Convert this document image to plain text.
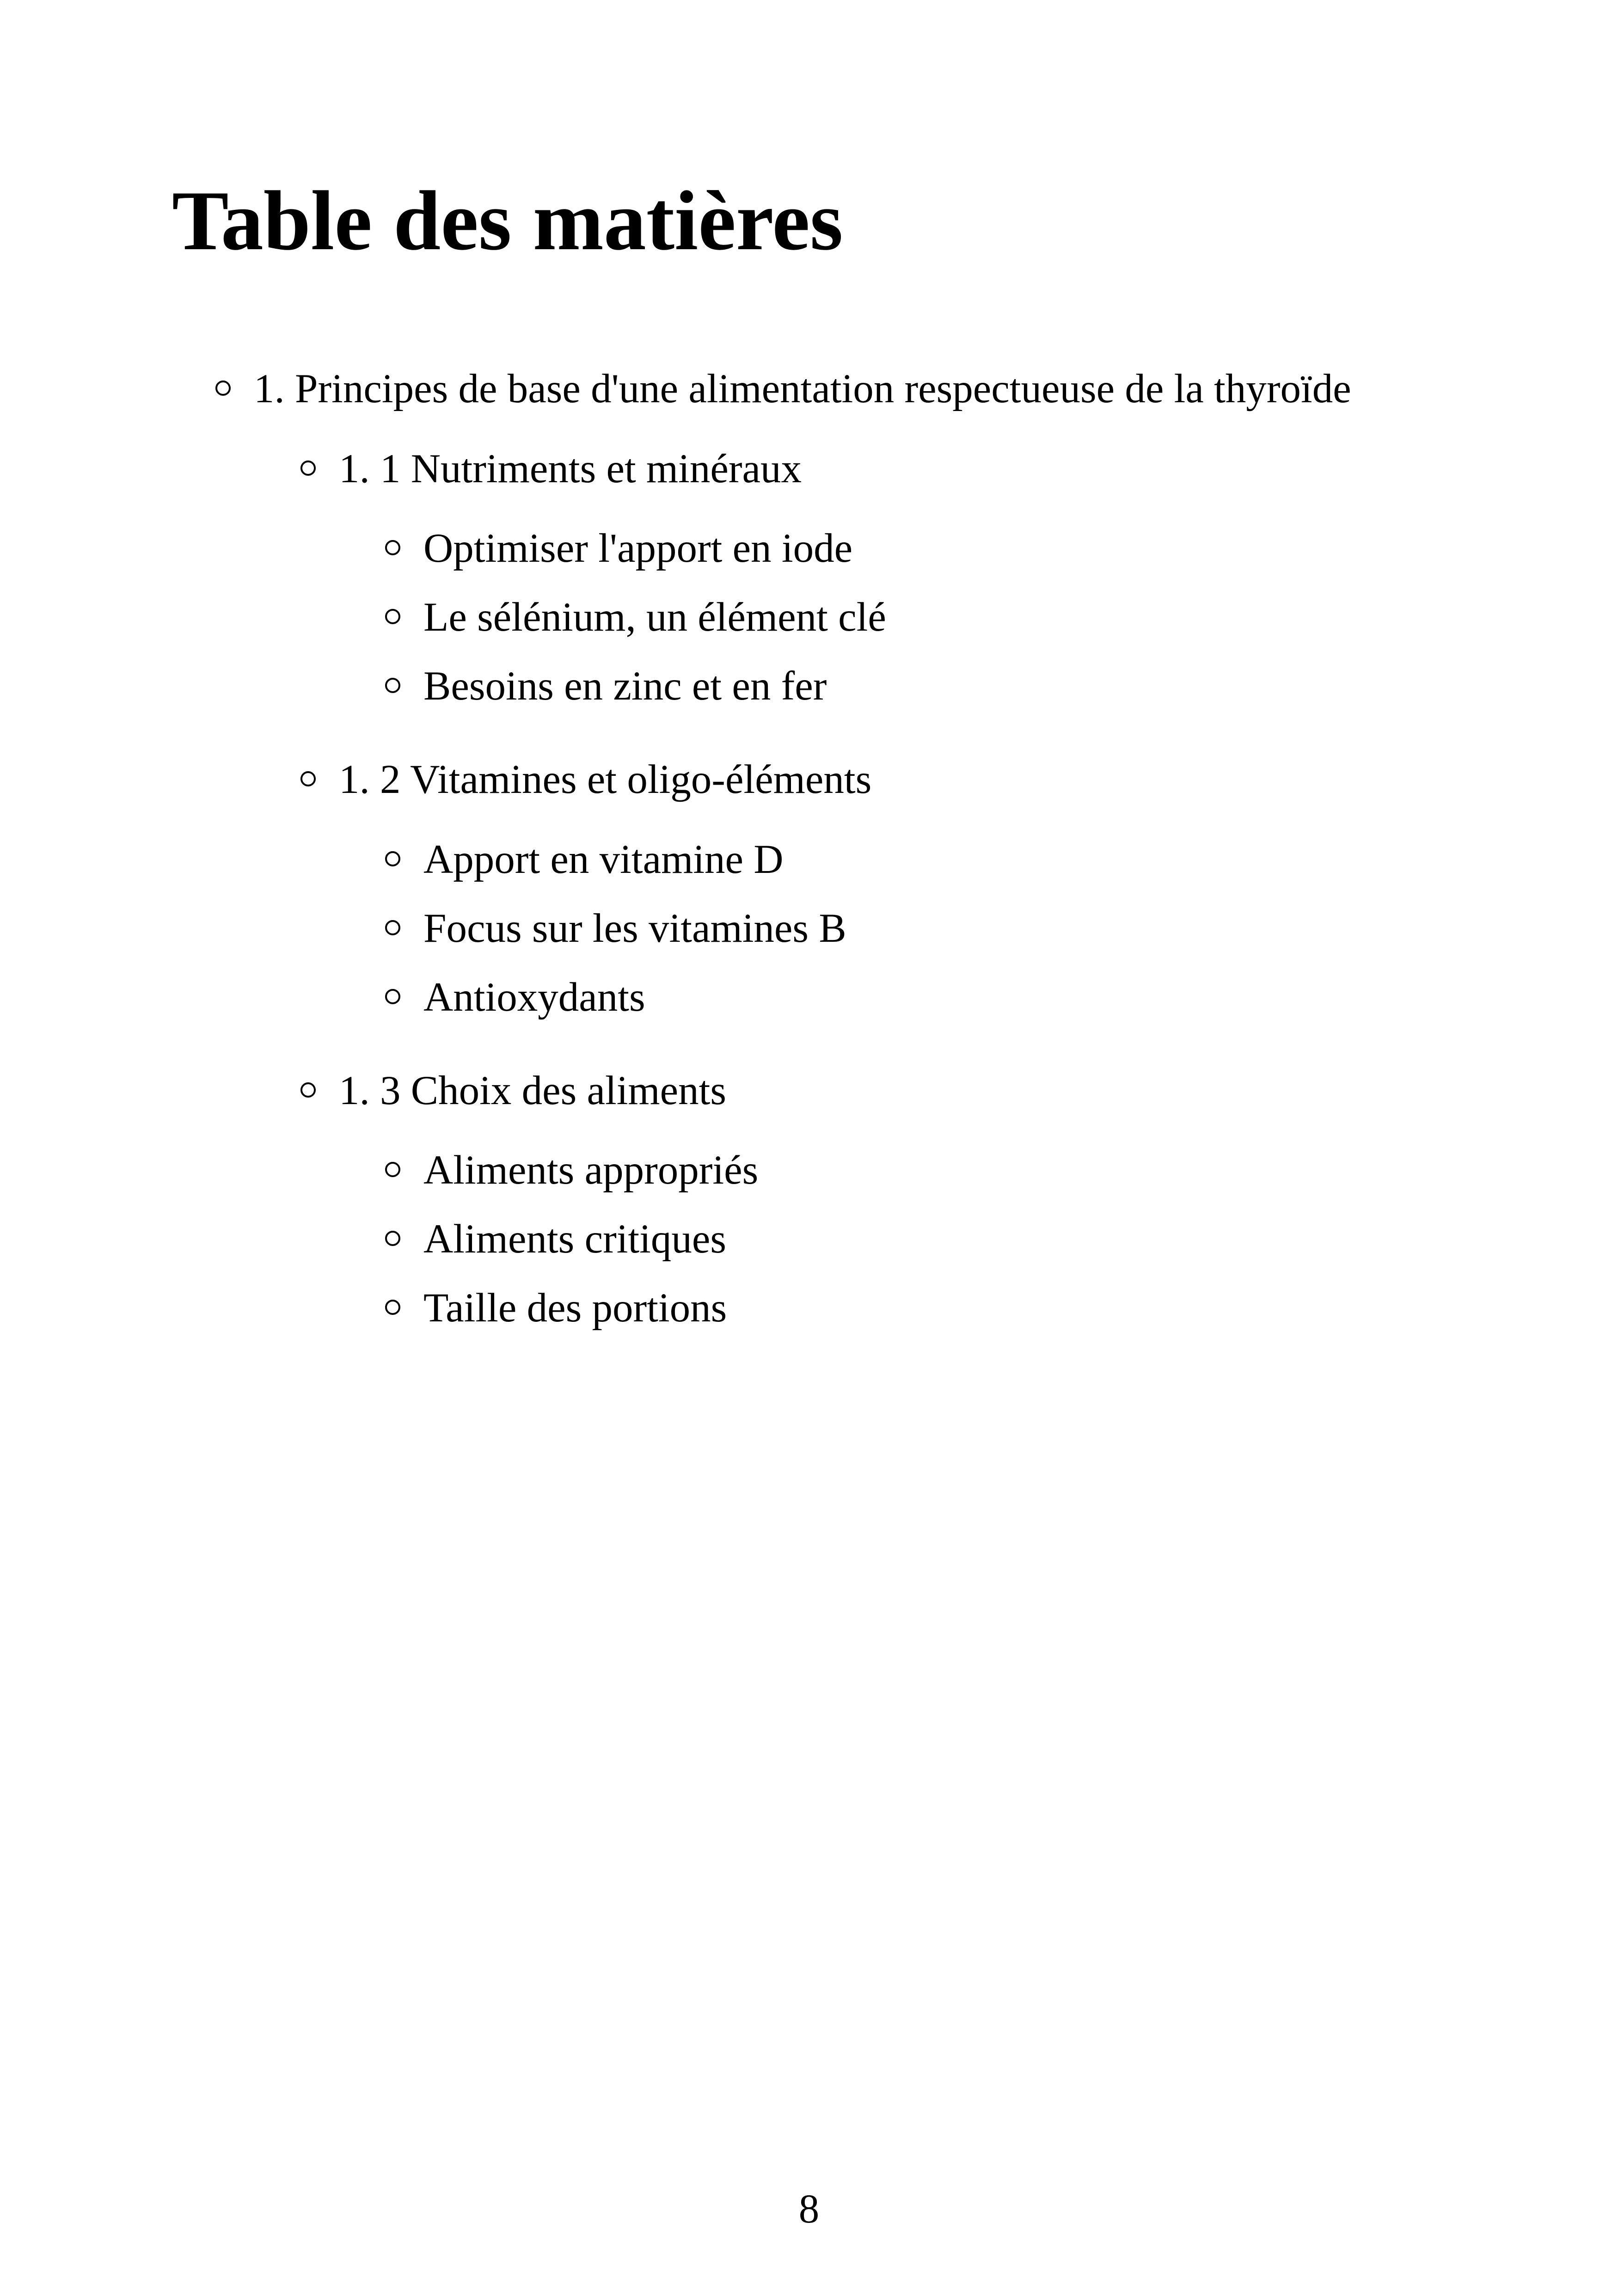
Table des matières
1. Principes de base d'une alimentation respectueuse de la thyroïde
1. 1 Nutriments et minéraux
Optimiser l'apport en iode
Le sélénium, un élément clé
Besoins en zinc et en fer
1. 2 Vitamines et oligo-éléments
Apport en vitamine D
Focus sur les vitamines B
Antioxydants
1. 3 Choix des aliments
Aliments appropriés
Aliments critiques
Taille des portions
8
